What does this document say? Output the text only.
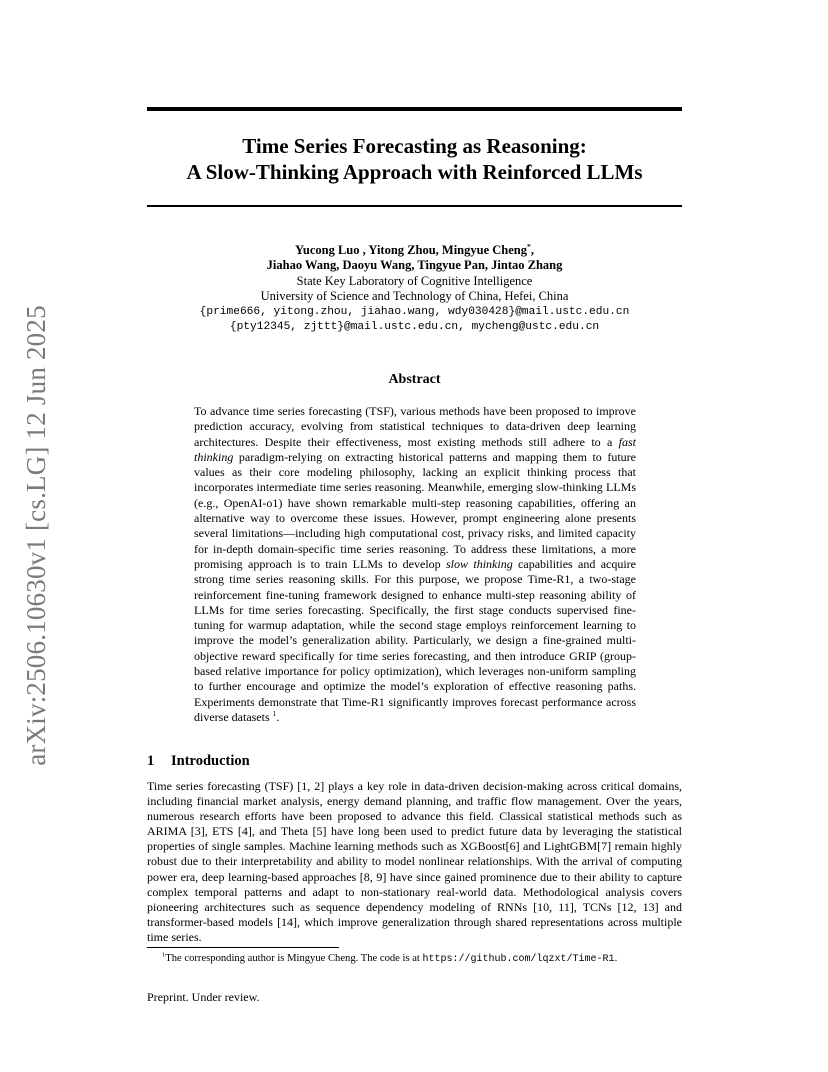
arXiv:2506.10630v1 [cs.LG] 12 Jun 2025
Time Series Forecasting as Reasoning:
A Slow-Thinking Approach with Reinforced LLMs
Yucong Luo , Yitong Zhou, Mingyue Cheng*,
Jiahao Wang, Daoyu Wang, Tingyue Pan, Jintao Zhang
State Key Laboratory of Cognitive Intelligence
University of Science and Technology of China, Hefei, China
{prime666, yitong.zhou, jiahao.wang, wdy030428}@mail.ustc.edu.cn
{pty12345, zjttt}@mail.ustc.edu.cn, mycheng@ustc.edu.cn
Abstract
To advance time series forecasting (TSF), various methods have been proposed to improve prediction accuracy, evolving from statistical techniques to data-driven deep learning architectures. Despite their effectiveness, most existing methods still adhere to a fast thinking paradigm-relying on extracting historical patterns and mapping them to future values as their core modeling philosophy, lacking an explicit thinking process that incorporates intermediate time series reasoning. Meanwhile, emerging slow-thinking LLMs (e.g., OpenAI-o1) have shown remarkable multi-step reasoning capabilities, offering an alternative way to overcome these issues. However, prompt engineering alone presents several limitations—including high computational cost, privacy risks, and limited capacity for in-depth domain-specific time series reasoning. To address these limitations, a more promising approach is to train LLMs to develop slow thinking capabilities and acquire strong time series reasoning skills. For this purpose, we propose Time-R1, a two-stage reinforcement fine-tuning framework designed to enhance multi-step reasoning ability of LLMs for time series forecasting. Specifically, the first stage conducts supervised fine-tuning for warmup adaptation, while the second stage employs reinforcement learning to improve the model’s generalization ability. Particularly, we design a fine-grained multi-objective reward specifically for time series forecasting, and then introduce GRIP (group-based relative importance for policy optimization), which leverages non-uniform sampling to further encourage and optimize the model’s exploration of effective reasoning paths. Experiments demonstrate that Time-R1 significantly improves forecast performance across diverse datasets $^1$.
1 Introduction
Time series forecasting (TSF) [1, 2] plays a key role in data-driven decision-making across critical domains, including financial market analysis, energy demand planning, and traffic flow management. Over the years, numerous research efforts have been proposed to advance this field. Classical statistical methods such as ARIMA [3], ETS [4], and Theta [5] have long been used to predict future data by leveraging the statistical properties of single samples. Machine learning methods such as XGBoost[6] and LightGBM[7] remain highly robust due to their interpretability and ability to model nonlinear relationships. With the arrival of computing power era, deep learning-based approaches [8, 9] have since gained prominence due to their ability to capture complex temporal patterns and adapt to non-stationary real-world data. Methodological analysis covers pioneering architectures such as sequence dependency modeling of RNNs [10, 11], TCNs [12, 13] and transformer-based models [14], which improve generalization through shared representations across multiple time series.
$^1$The corresponding author is Mingyue Cheng. The code is at https://github.com/lqzxt/Time-R1.
Preprint. Under review.
